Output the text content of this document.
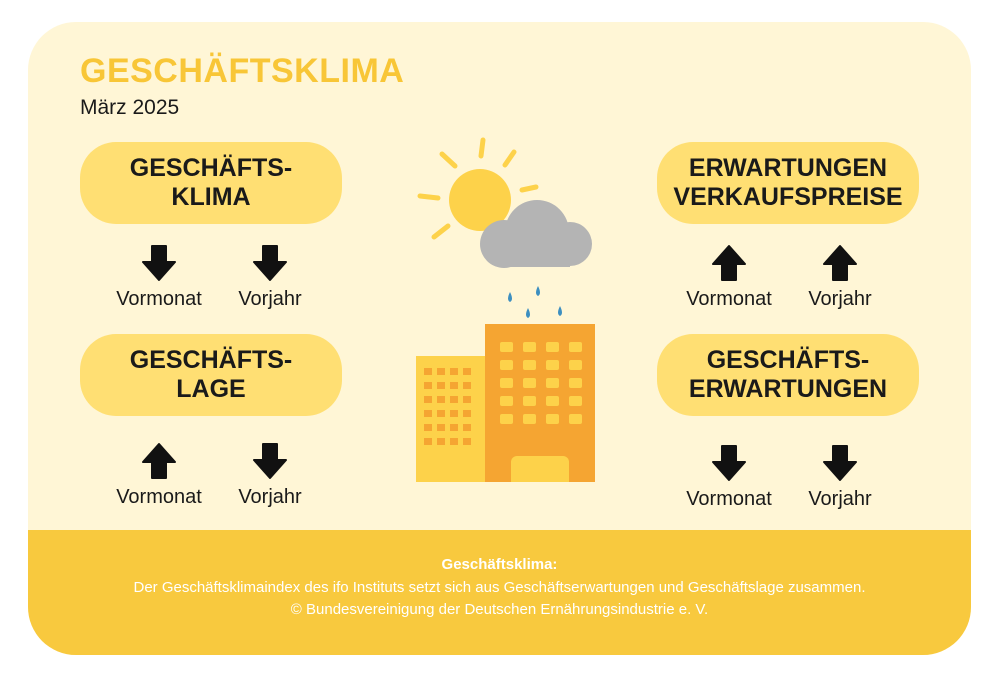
GESCHÄFTSKLIMA
März 2025
GESCHÄFTS-
KLIMA
Vormonat	Vorjahr
GESCHÄFTS-
LAGE
Vormonat	Vorjahr
ERWARTUNGEN
VERKAUFSPREISE
Vormonat	Vorjahr
GESCHÄFTS-
ERWARTUNGEN
Vormonat	Vorjahr
Geschäftsklima:
Der Geschäftsklimaindex des ifo Instituts setzt sich aus Geschäftserwartungen und Geschäftslage zusammen.
© Bundesvereinigung der Deutschen Ernährungsindustrie e. V.
